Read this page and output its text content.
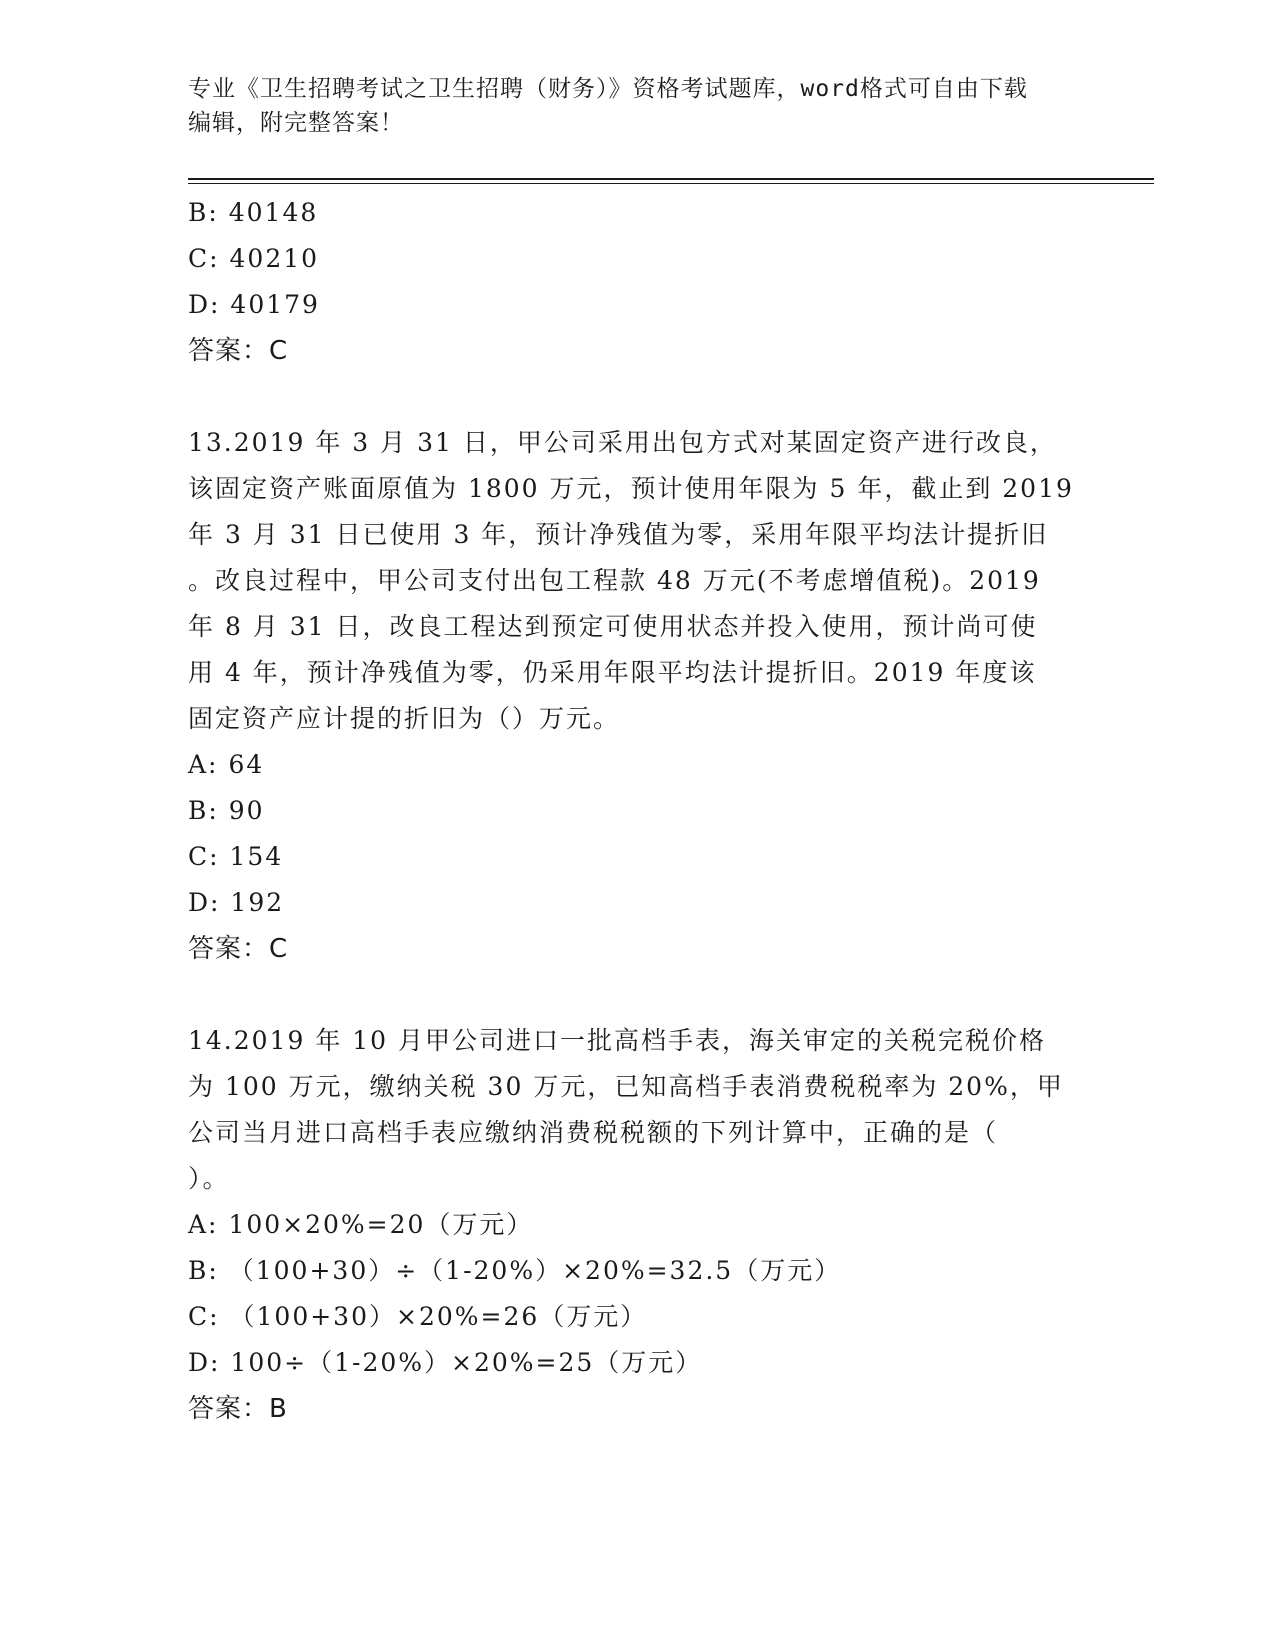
专业《卫生招聘考试之卫生招聘（财务）》资格考试题库，word格式可自由下载
编辑，附完整答案！
B: 40148
C: 40210
D: 40179
答案：C
13.2019 年 3 月 31 日，甲公司采用出包方式对某固定资产进行改良，
该固定资产账面原值为 1800 万元，预计使用年限为 5 年，截止到 2019
年 3 月 31 日已使用 3 年，预计净残值为零，采用年限平均法计提折旧
。改良过程中，甲公司支付出包工程款 48 万元(不考虑增值税)。2019
年 8 月 31 日，改良工程达到预定可使用状态并投入使用，预计尚可使
用 4 年，预计净残值为零，仍采用年限平均法计提折旧。2019 年度该
固定资产应计提的折旧为（）万元。
A: 64
B: 90
C: 154
D: 192
答案：C
14.2019 年 10 月甲公司进口一批高档手表，海关审定的关税完税价格
为 100 万元，缴纳关税 30 万元，已知高档手表消费税税率为 20%，甲
公司当月进口高档手表应缴纳消费税税额的下列计算中，正确的是（
）。
A: 100×20%=20（万元）
B: （100+30）÷（1-20%）×20%=32.5（万元）
C: （100+30）×20%=26（万元）
D: 100÷（1-20%）×20%=25（万元）
答案：B
